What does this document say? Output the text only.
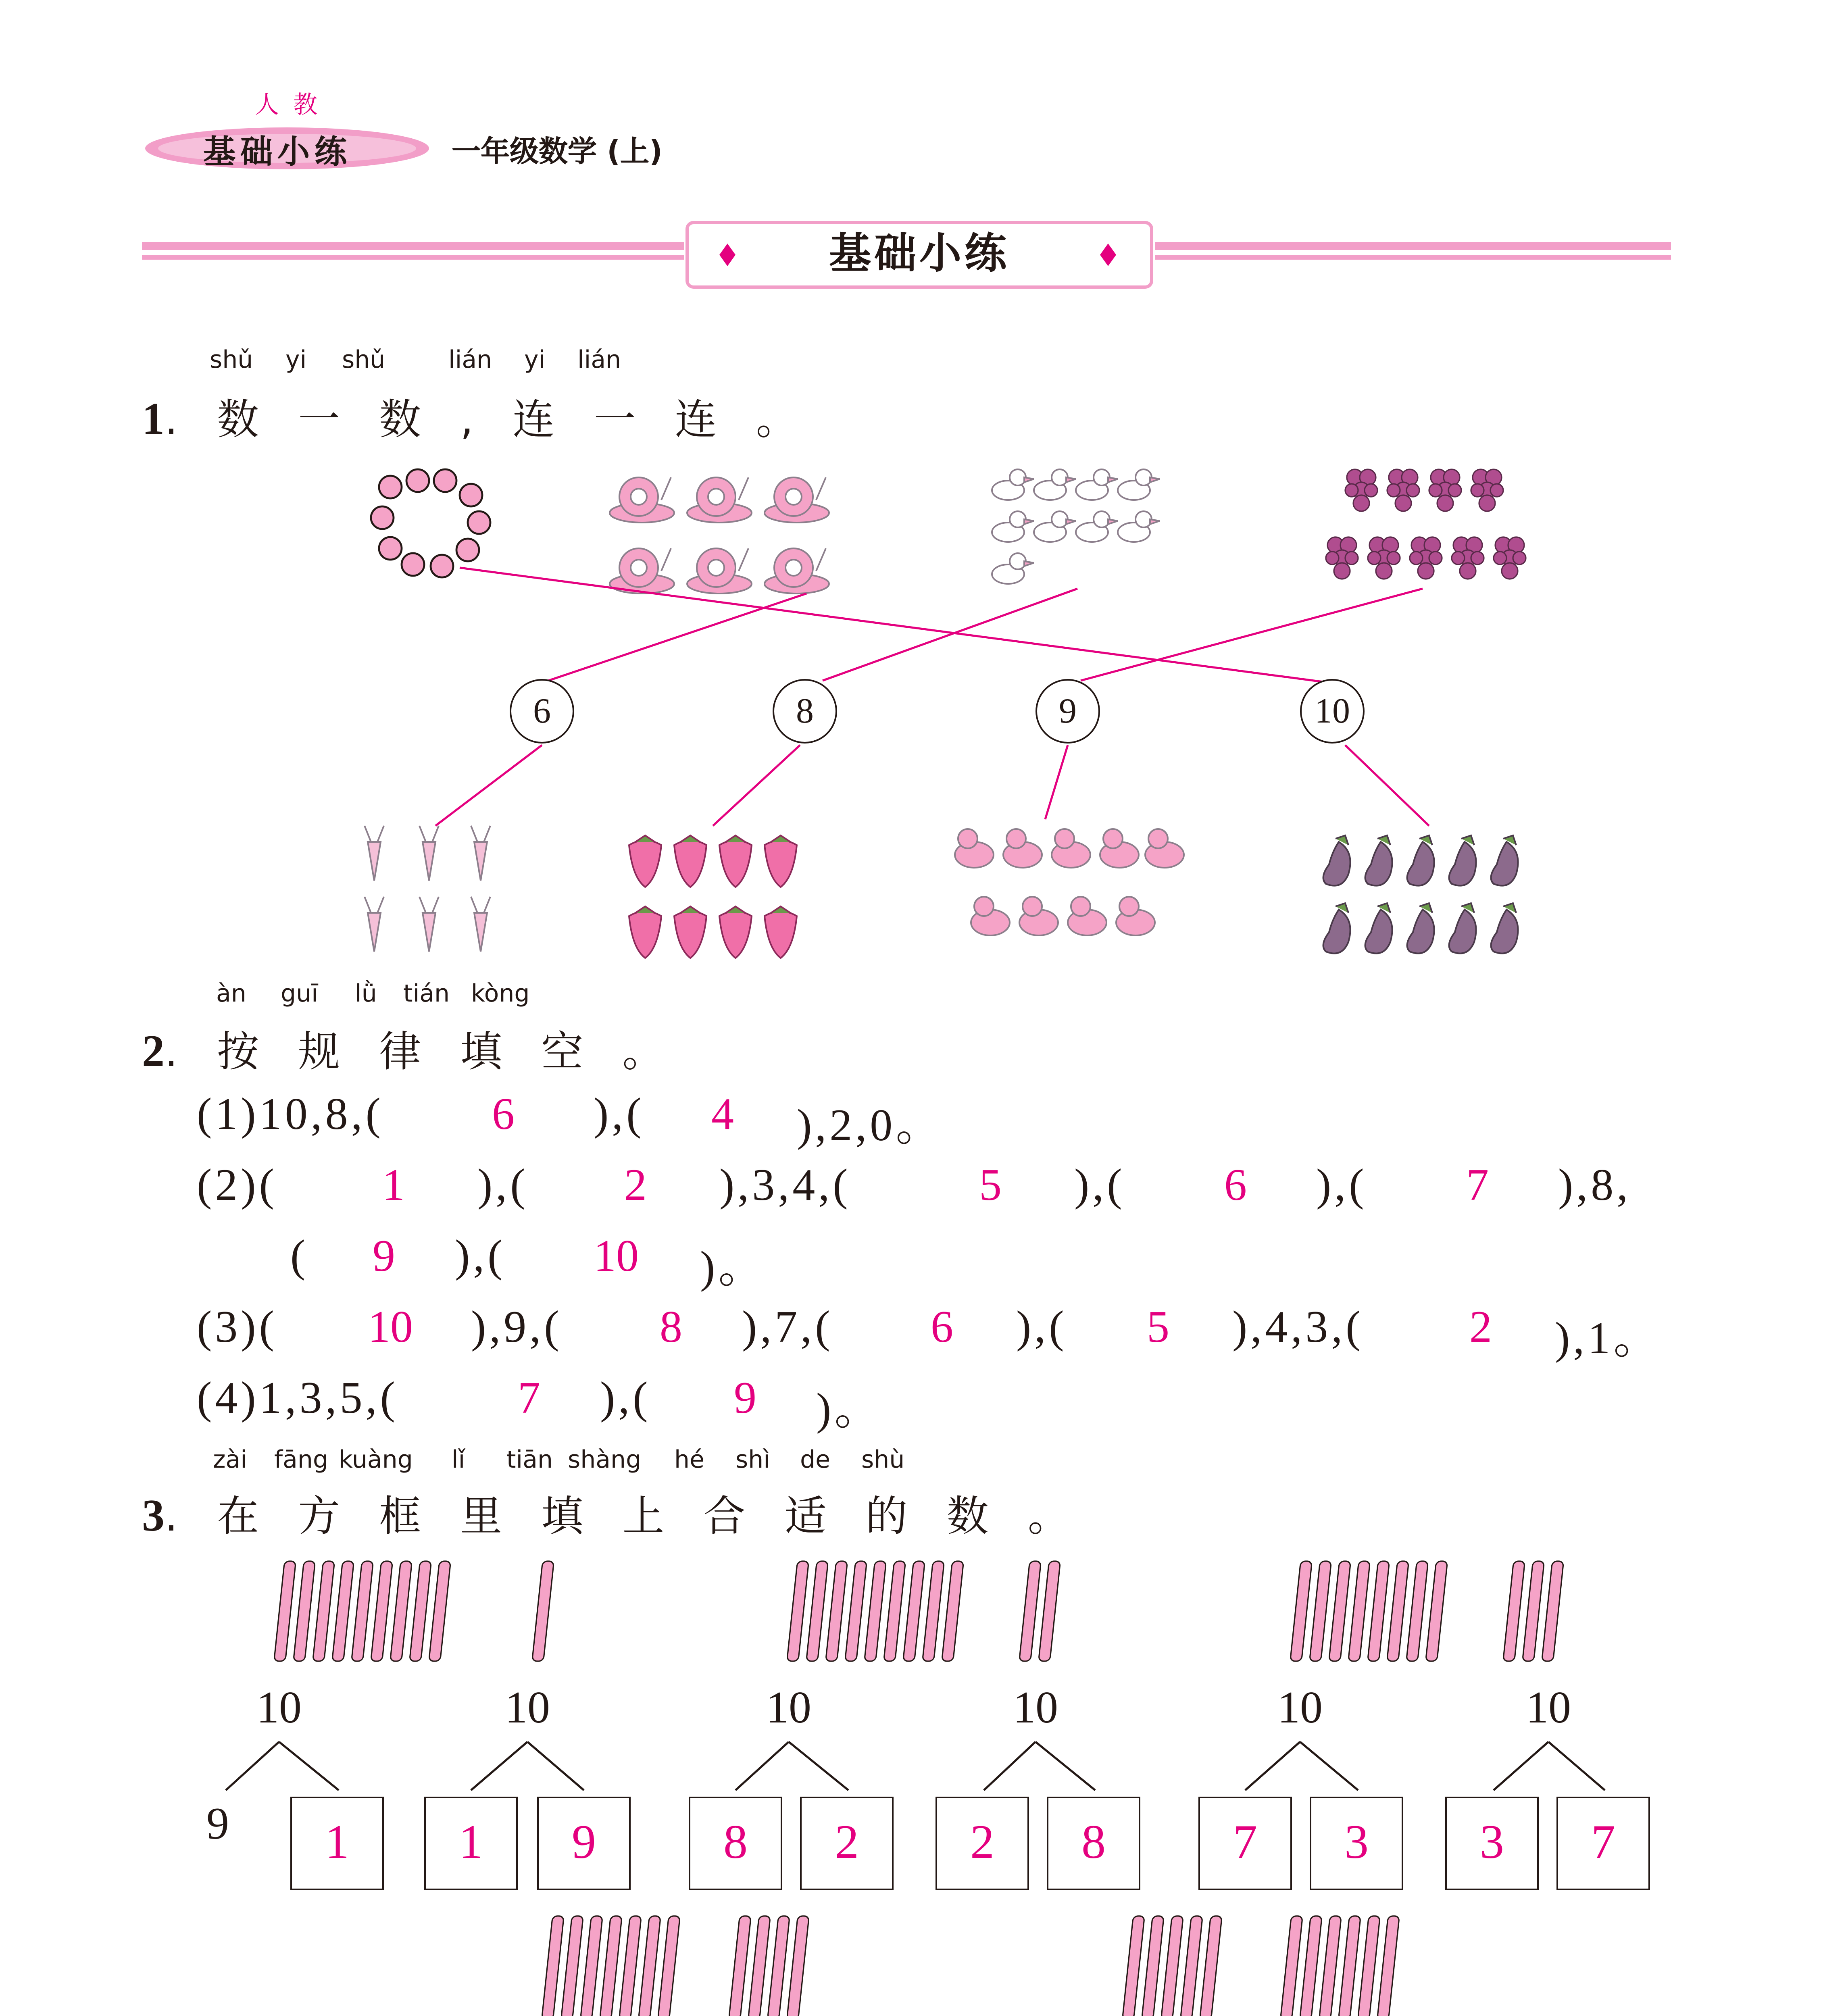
人 教
基础小练	一年级数学 (上)
基础小练
shǔ	yi	shǔ	lián	yi	lián
1. 数 一 数 , 连 一 连 。
6	8	9	10
àn	guī	lǜ	tián	kòng
2. 按 规 律 填 空 。
(1)10,8,(	6	),(	4	),2,0。
(2)(	1	),(	2	),3,4,(	5	),(	6	),(	7	),8,
(	9	),(	10	)。
(3)(	10	),9,(	8	),7,(	6	),(	5	),4,3,(	2	),1。
(4)1,3,5,(	7	),(	9	)。
zài	fāng kuàng	lǐ	tiān shàng	hé	shì	de	shù
3. 在 方 框 里 填 上 合 适 的 数 。
10	10	10	10	10	10
9	1	1	9	8	2	2	8	7	3	3	7
